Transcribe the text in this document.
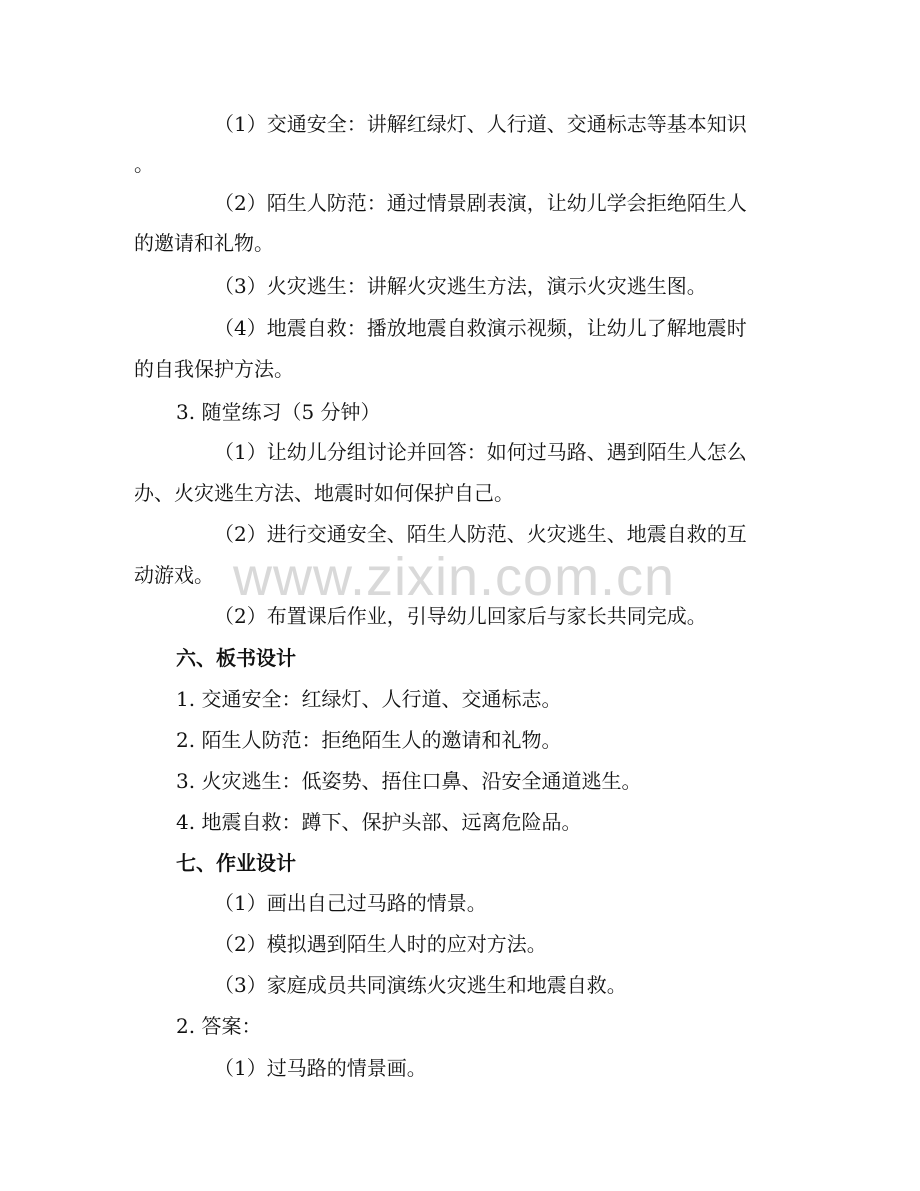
www.zixin.com.cn
（1）交通安全：讲解红绿灯、人行道、交通标志等基本知识
。
（2）陌生人防范：通过情景剧表演，让幼儿学会拒绝陌生人
的邀请和礼物。
（3）火灾逃生：讲解火灾逃生方法，演示火灾逃生图。
（4）地震自救：播放地震自救演示视频，让幼儿了解地震时
的自我保护方法。
3. 随堂练习（5 分钟）
（1）让幼儿分组讨论并回答：如何过马路、遇到陌生人怎么
办、火灾逃生方法、地震时如何保护自己。
（2）进行交通安全、陌生人防范、火灾逃生、地震自救的互
动游戏。
（2）布置课后作业，引导幼儿回家后与家长共同完成。
六、板书设计
1. 交通安全：红绿灯、人行道、交通标志。
2. 陌生人防范：拒绝陌生人的邀请和礼物。
3. 火灾逃生：低姿势、捂住口鼻、沿安全通道逃生。
4. 地震自救：蹲下、保护头部、远离危险品。
七、作业设计
（1）画出自己过马路的情景。
（2）模拟遇到陌生人时的应对方法。
（3）家庭成员共同演练火灾逃生和地震自救。
2. 答案：
（1）过马路的情景画。
